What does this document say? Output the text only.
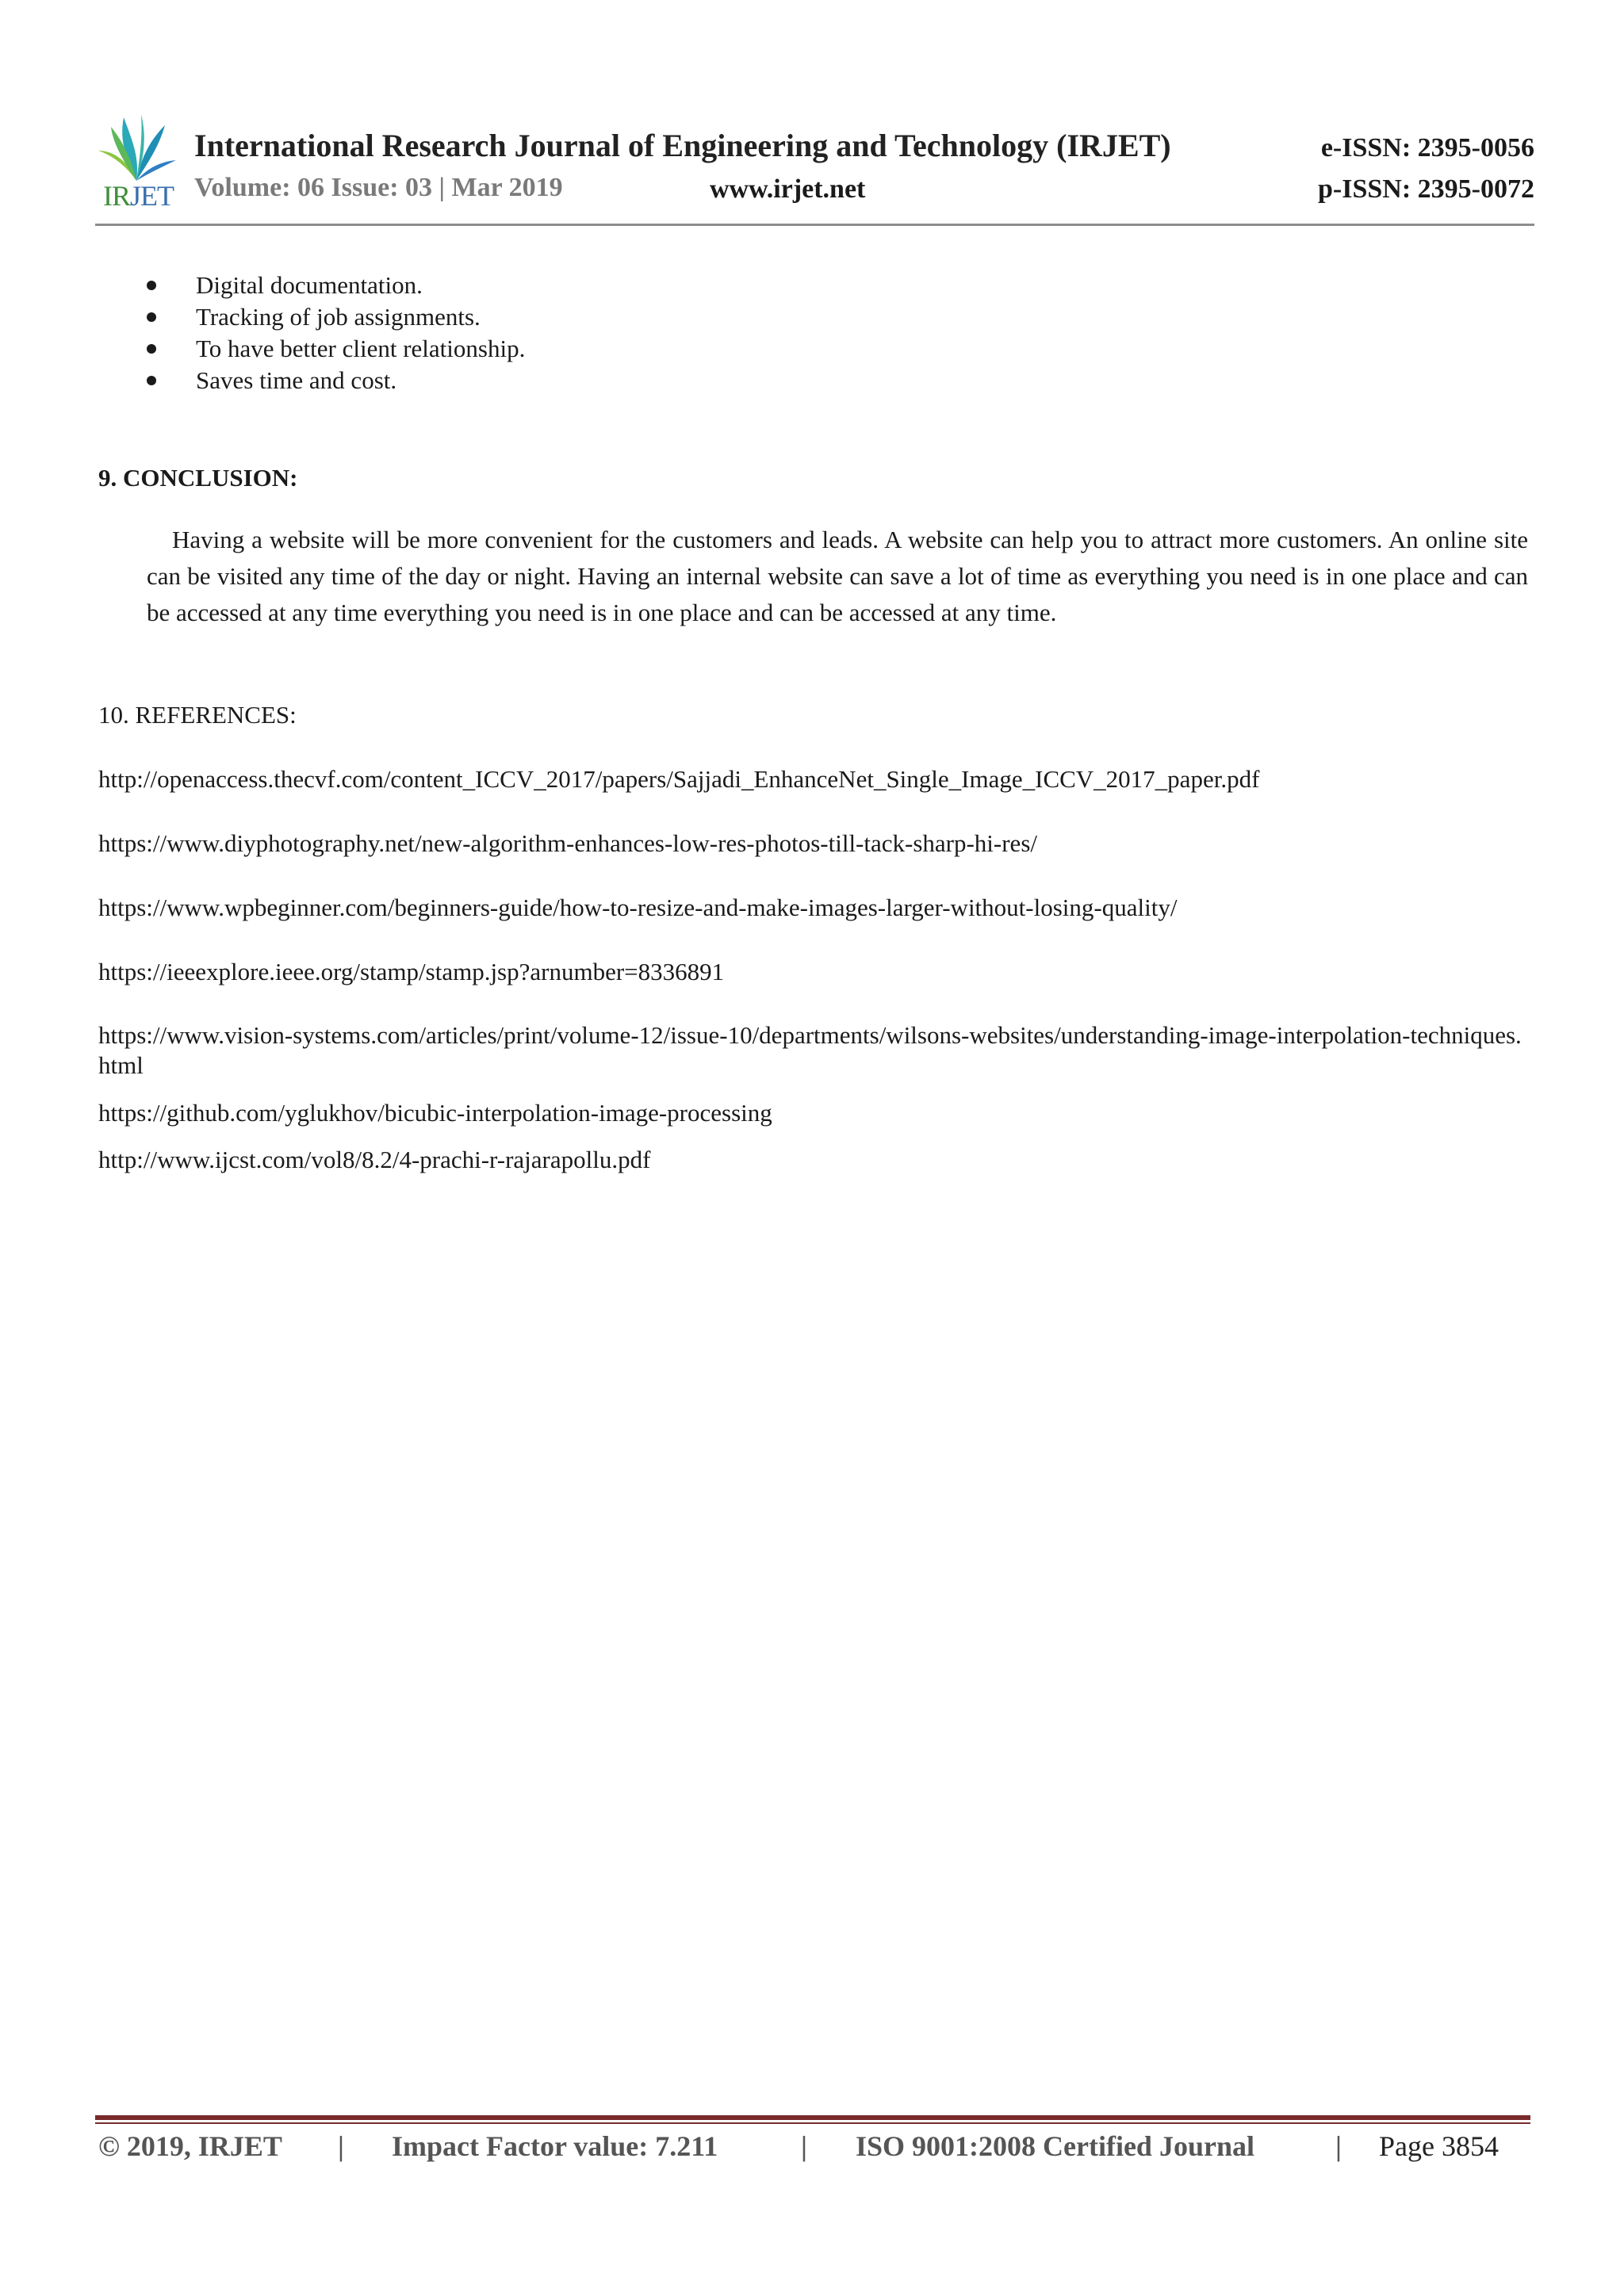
IRJET
International Research Journal of Engineering and Technology (IRJET)	e-ISSN: 2395-0056
Volume: 06 Issue: 03 | Mar 2019	www.irjet.net	p-ISSN: 2395-0072
Digital documentation.
Tracking of job assignments.
To have better client relationship.
Saves time and cost.
9. CONCLUSION:

Having a website will be more convenient for the customers and leads. A website can help you to attract more customers. An online site can be visited any time of the day or night. Having an internal website can save a lot of time as everything you need is in one place and can be accessed at any time everything you need is in one place and can be accessed at any time.

10. REFERENCES:
http://openaccess.thecvf.com/content_ICCV_2017/papers/Sajjadi_EnhanceNet_Single_Image_ICCV_2017_paper.pdf
https://www.diyphotography.net/new-algorithm-enhances-low-res-photos-till-tack-sharp-hi-res/
https://www.wpbeginner.com/beginners-guide/how-to-resize-and-make-images-larger-without-losing-quality/
https://ieeexplore.ieee.org/stamp/stamp.jsp?arnumber=8336891
https://www.vision-systems.com/articles/print/volume-12/issue-10/departments/wilsons-websites/understanding-image-interpolation-techniques.html
https://github.com/yglukhov/bicubic-interpolation-image-processing
http://www.ijcst.com/vol8/8.2/4-prachi-r-rajarapollu.pdf
© 2019, IRJET | Impact Factor value: 7.211	| ISO 9001:2008 Certified Journal	| Page 3854
